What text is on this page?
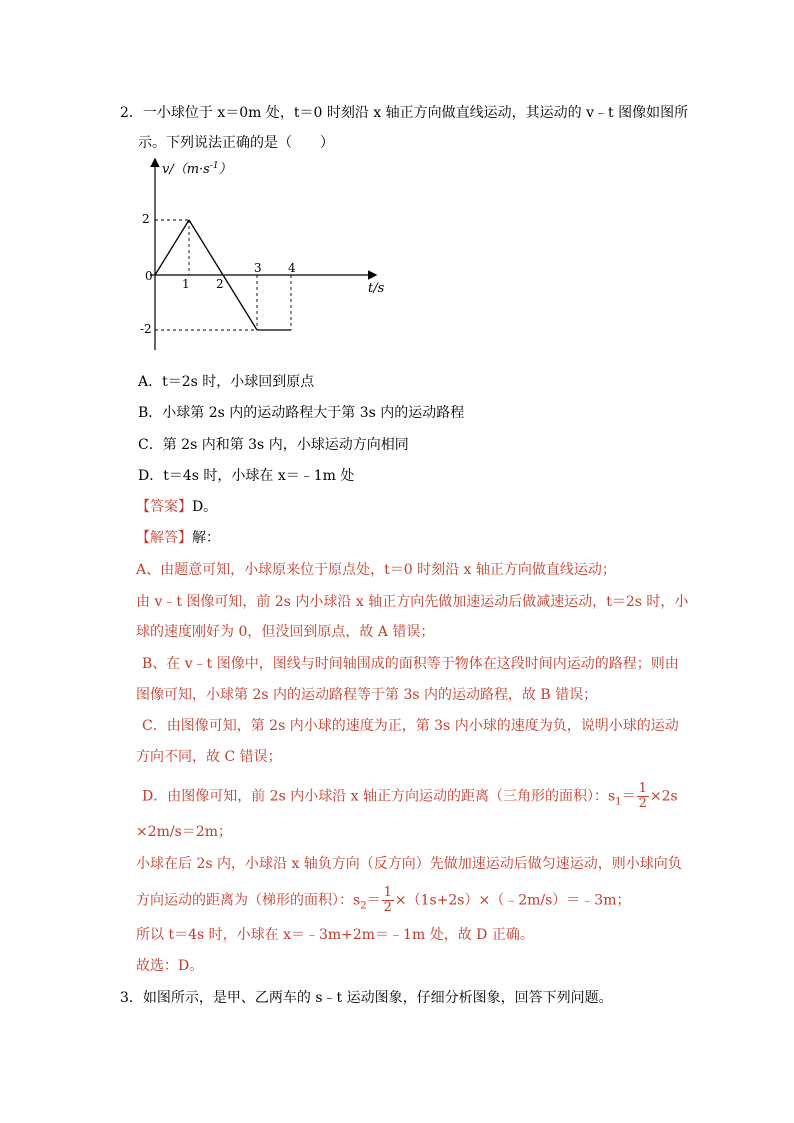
2．一小球位于 x＝0m 处，t＝0 时刻沿 x 轴正方向做直线运动，其运动的 v﹣t 图像如图所
示。下列说法正确的是（　　）
$v/(m\cdot s^{-1})$
t/s
2
0
-2
1 2
3 4
A．t＝2s 时，小球回到原点
B．小球第 2s 内的运动路程大于第 3s 内的运动路程
C．第 2s 内和第 3s 内，小球运动方向相同
D．t＝4s 时，小球在 x＝﹣1m 处
【答案】D。
【解答】解：
A、由题意可知，小球原来位于原点处，t＝0 时刻沿 x 轴正方向做直线运动；
由 v﹣t 图像可知，前 2s 内小球沿 x 轴正方向先做加速运动后做减速运动，t＝2s 时，小
球的速度刚好为 0，但没回到原点，故 A 错误；
B、在 v﹣t 图像中，图线与时间轴围成的面积等于物体在这段时间内运动的路程；则由
图像可知，小球第 2s 内的运动路程等于第 3s 内的运动路程，故 B 错误；
C．由图像可知，第 2s 内小球的速度为正，第 3s 内小球的速度为负，说明小球的运动
方向不同，故 C 错误；
D．由图像可知，前 2s 内小球沿 x 轴正方向运动的距离（三角形的面积）：$s_1= \frac{1}{2} \times 2s$
×2m/s＝2m；
小球在后 2s 内，小球沿 x 轴负方向（反方向）先做加速运动后做匀速运动，则小球向负
方向运动的距离为（梯形的面积）：$s_2= \frac{1}{2}$ ×（1s+2s）×（﹣2m/s）＝﹣3m；
所以 t＝4s 时，小球在 x＝﹣3m+2m＝﹣1m 处，故 D 正确。
故选：D。
3．如图所示，是甲、乙两车的 s﹣t 运动图象，仔细分析图象，回答下列问题。
